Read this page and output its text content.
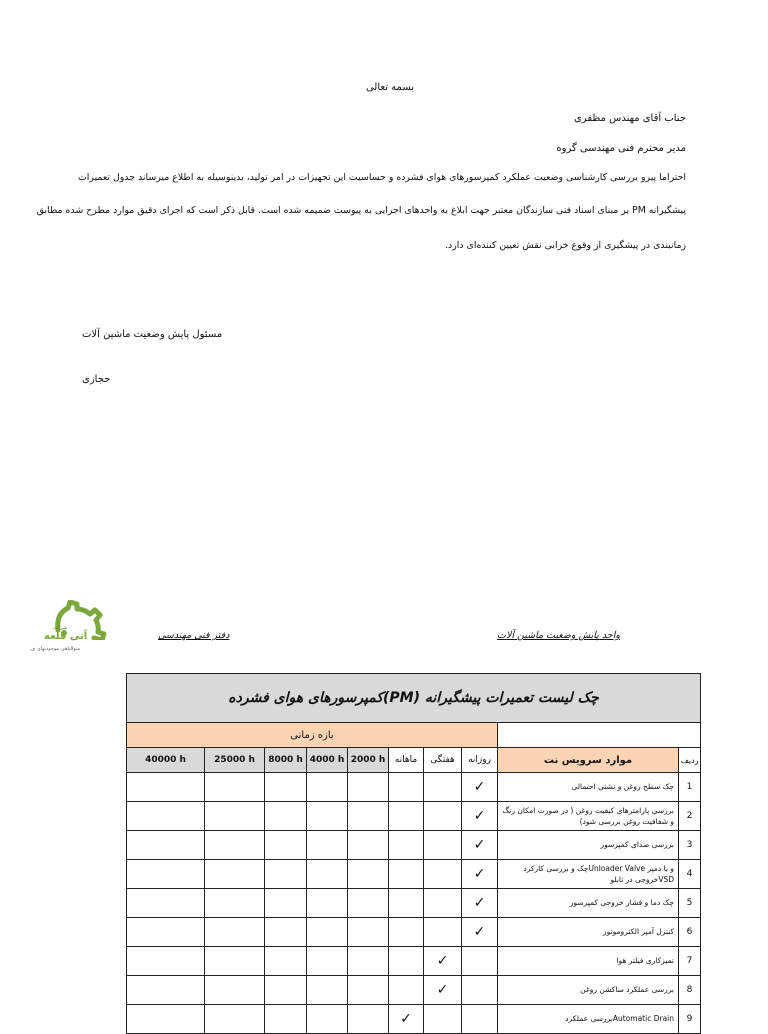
بسمه تعالی
جناب آقای مهندس مظفری
مدیر محترم فنی مهندسی گروه
احتراما پیرو بررسی کارشناسی وضعیت عملکرد کمپرسورهای هوای فشرده و حساسیت این تجهیزات در امر تولید، بدینوسیله به اطلاع میرساند جدول تعمیرات
پیشگیرانه PM بر مبنای اسناد فنی سازندگان معتبر جهت ابلاغ به واحدهای اجرایی به پیوست ضمیمه شده است. قابل ذکر است که اجرای دقیق موارد مطرح شده مطابق
زمانبندی در پیشگیری از وقوع خرابی نقش تعیین کننده‌ای دارد.
مسئول پایش وضعیت ماشین آلات
حجازی
واحد پایش وضعیت ماشین آلات
دفتر فنی مهندسی
شرکت
آتی قلعه
سوالیاهی موجودیهای ف
چک لیست تعمیرات پیشگیرانه (PM)کمپرسورهای هوای فشرده									
بازه زمانی									
40000 h	25000 h	8000 h	4000 h	2000 h	ماهانه	هفتگی	روزانه	موارد سرویس نت	ردیف
							✓	چک سطح روغن و نشتی احتمالی	1
							✓	بررسی پارامترهای کیفیت روغن ( در صورت امکان رنگ و شفافیت روغن بررسی شود)	2
							✓	بررسی صدای کمپرسور	3
							✓	و یا دمپر Unloader Valveچک و بررسی کارکرد VSDخروجی در تابلو	4
							✓	چک دما و فشار خروجی کمپرسور	5
							✓	کنترل آمپر الکتروموتور	6
						✓		تمیزکاری فیلتر هوا	7
						✓		بررسی عملکرد ساکشن روغن	8
					✓			Automatic Drainبررسی عملکرد	9
